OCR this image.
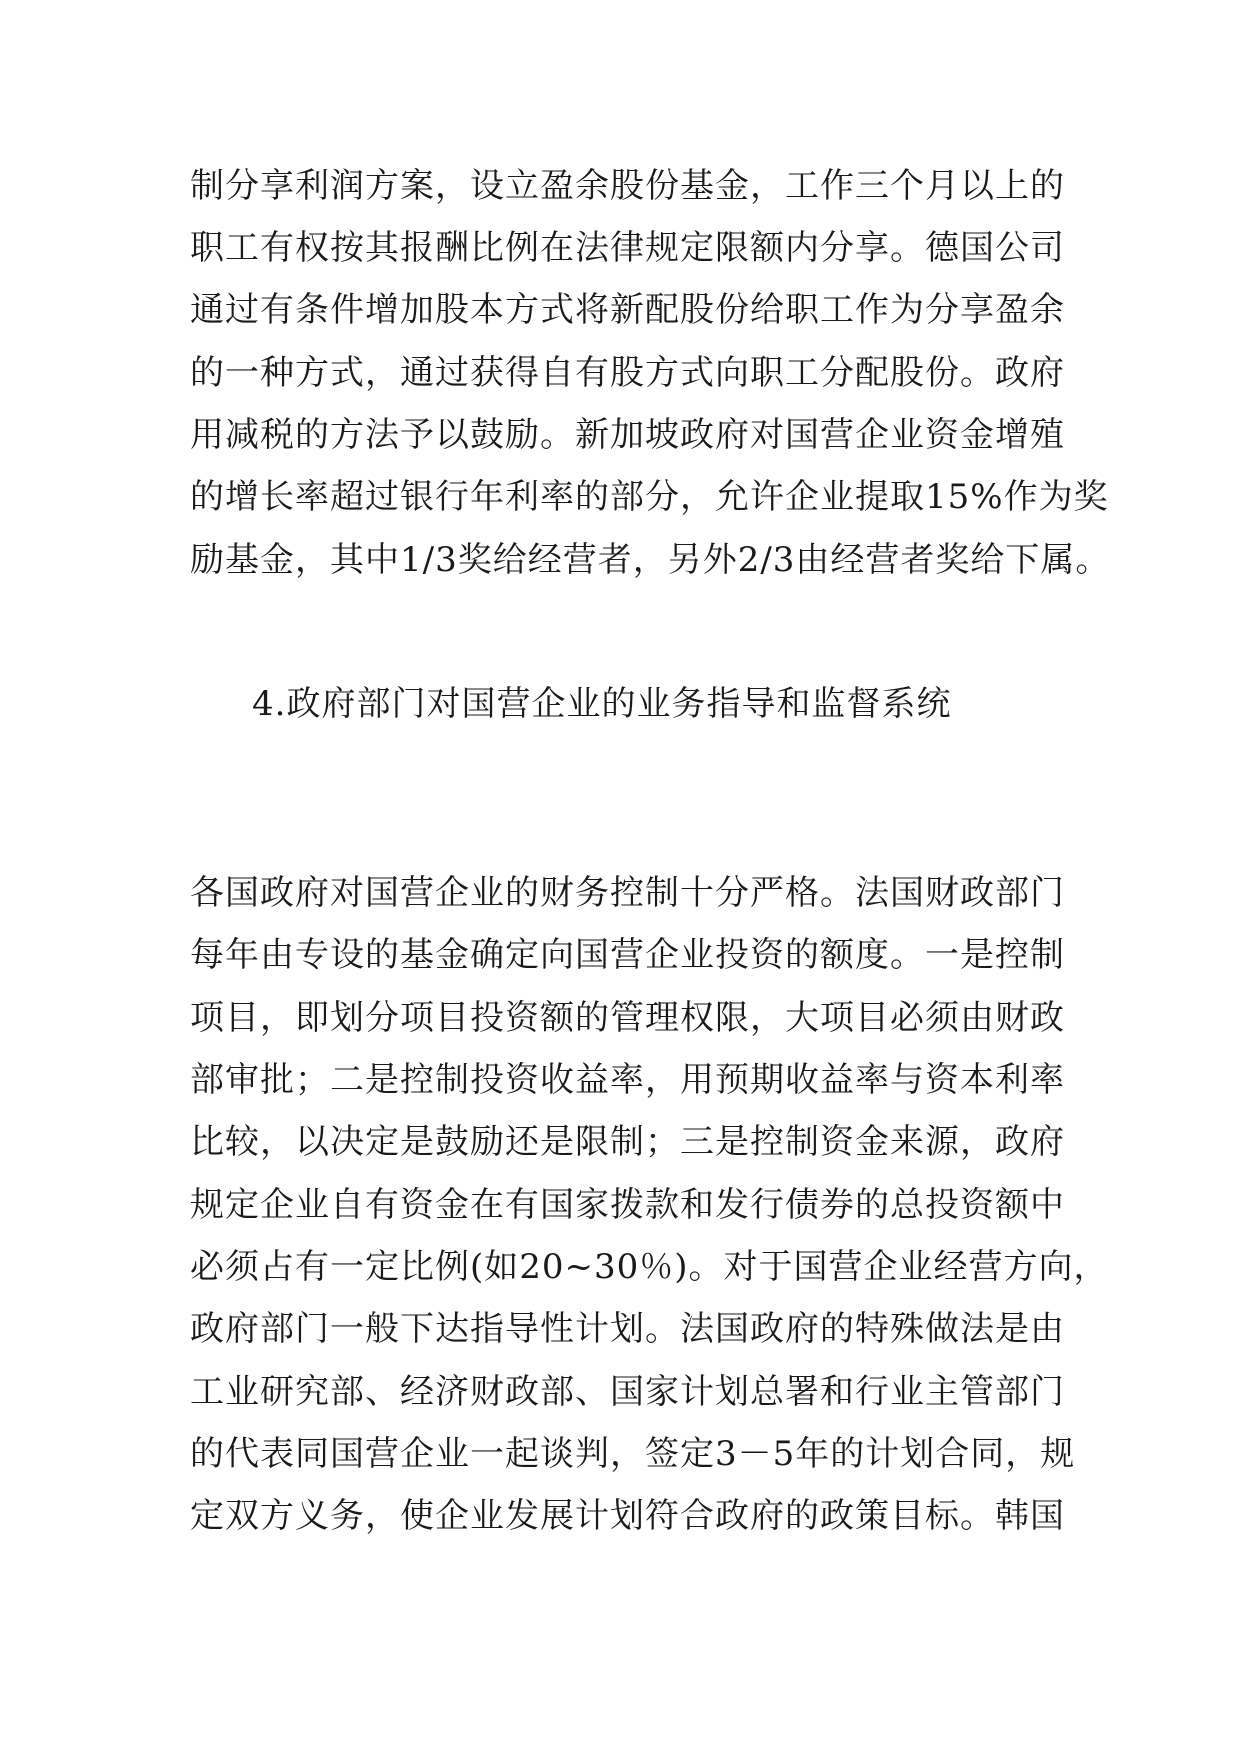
制分享利润方案，设立盈余股份基金，工作三个月以上的
职工有权按其报酬比例在法律规定限额内分享。德国公司
通过有条件增加股本方式将新配股份给职工作为分享盈余
的一种方式，通过获得自有股方式向职工分配股份。政府
用减税的方法予以鼓励。新加坡政府对国营企业资金增殖
的增长率超过银行年利率的部分，允许企业提取15%作为奖
励基金，其中1/3奖给经营者，另外2/3由经营者奖给下属。
4.政府部门对国营企业的业务指导和监督系统
各国政府对国营企业的财务控制十分严格。法国财政部门
每年由专设的基金确定向国营企业投资的额度。一是控制
项目，即划分项目投资额的管理权限，大项目必须由财政
部审批；二是控制投资收益率，用预期收益率与资本利率
比较，以决定是鼓励还是限制；三是控制资金来源，政府
规定企业自有资金在有国家拨款和发行债券的总投资额中
必须占有一定比例(如20~30％)。对于国营企业经营方向，
政府部门一般下达指导性计划。法国政府的特殊做法是由
工业研究部、经济财政部、国家计划总署和行业主管部门
的代表同国营企业一起谈判，签定3－5年的计划合同，规
定双方义务，使企业发展计划符合政府的政策目标。韩国
